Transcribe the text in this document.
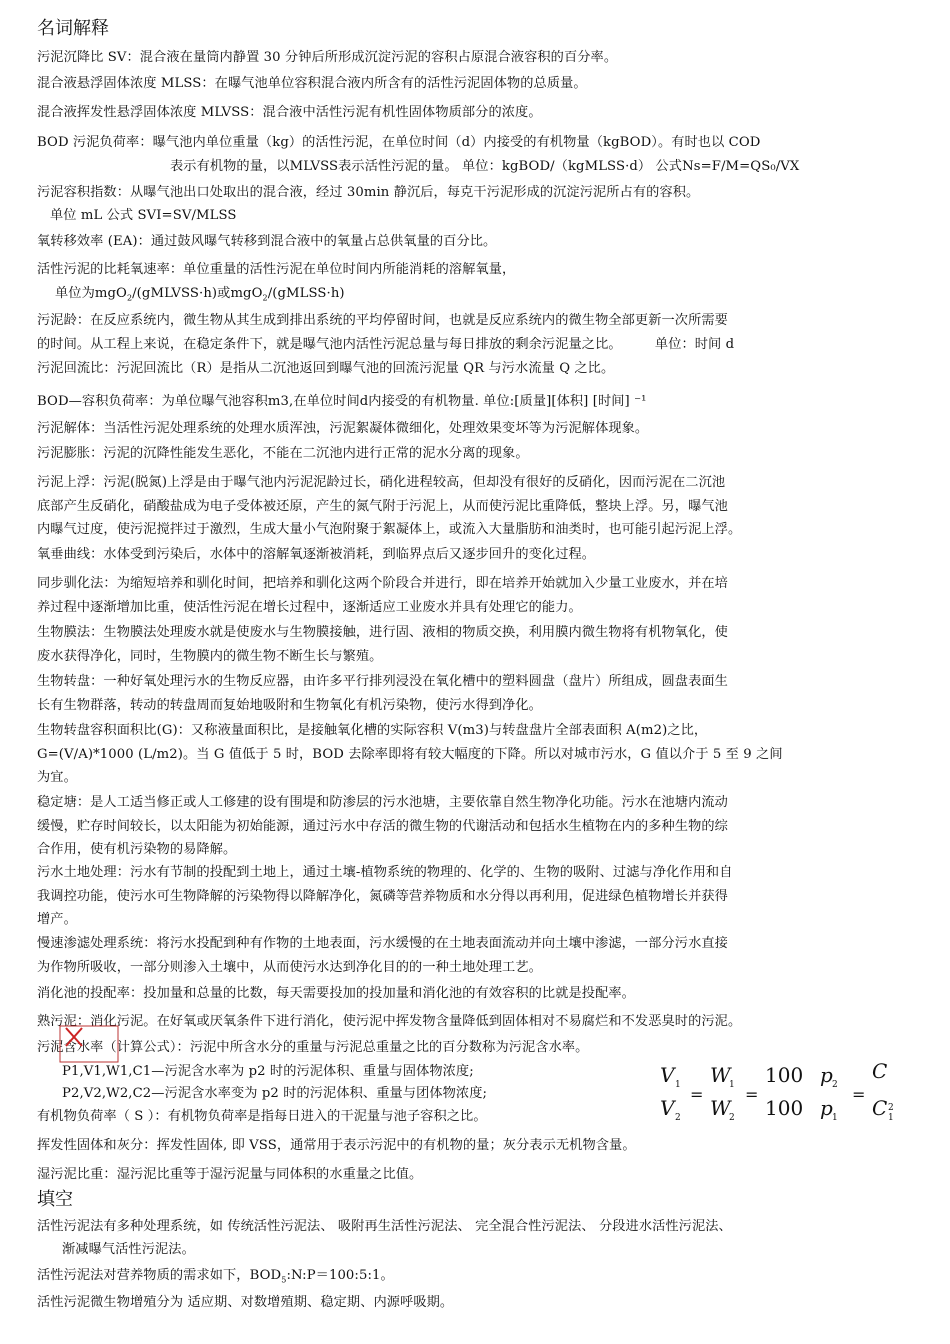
名词解释
污泥沉降比 SV：混合液在量筒内静置 30 分钟后所形成沉淀污泥的容积占原混合液容积的百分率。
混合液悬浮固体浓度 MLSS：在曝气池单位容积混合液内所含有的活性污泥固体物的总质量。
混合液挥发性悬浮固体浓度 MLVSS：混合液中活性污泥有机性固体物质部分的浓度。
BOD 污泥负荷率：曝气池内单位重量（kg）的活性污泥，在单位时间（d）内接受的有机物量（kgBOD）。有时也以 COD
表示有机物的量，以MLVSS表示活性污泥的量。 单位：kgBOD/（kgMLSS·d） 公式Ns=F/M=QS₀/VX
污泥容积指数：从曝气池出口处取出的混合液，经过 30min 静沉后，每克干污泥形成的沉淀污泥所占有的容积。
单位 mL 公式 SVI=SV/MLSS
氧转移效率 (EA)：通过鼓风曝气转移到混合液中的氧量占总供氧量的百分比。
活性污泥的比耗氧速率：单位重量的活性污泥在单位时间内所能消耗的溶解氧量，
单位为mgO$_2$/(gMLVSS·h)或mgO$_2$/(gMLSS·h)
污泥龄：在反应系统内，微生物从其生成到排出系统的平均停留时间，也就是反应系统内的微生物全部更新一次所需要
的时间。从工程上来说，在稳定条件下，就是曝气池内活性污泥总量与每日排放的剩余污泥量之比。　　　单位：时间 d
污泥回流比：污泥回流比（R）是指从二沉池返回到曝气池的回流污泥量 QR 与污水流量 Q 之比。
BOD—容积负荷率：为单位曝气池容积m3,在单位时间d内接受的有机物量. 单位:[质量][体积] [时间] ⁻¹
污泥解体：当活性污泥处理系统的处理水质浑浊，污泥絮凝体微细化，处理效果变坏等为污泥解体现象。
污泥膨胀：污泥的沉降性能发生恶化，不能在二沉池内进行正常的泥水分离的现象。
污泥上浮：污泥(脱氮)上浮是由于曝气池内污泥泥龄过长，硝化进程较高，但却没有很好的反硝化，因而污泥在二沉池
底部产生反硝化，硝酸盐成为电子受体被还原，产生的氮气附于污泥上，从而使污泥比重降低，整块上浮。另，曝气池
内曝气过度，使污泥搅拌过于激烈，生成大量小气泡附聚于絮凝体上，或流入大量脂肪和油类时，也可能引起污泥上浮。
氧垂曲线：水体受到污染后，水体中的溶解氧逐渐被消耗，到临界点后又逐步回升的变化过程。
同步驯化法：为缩短培养和驯化时间，把培养和驯化这两个阶段合并进行，即在培养开始就加入少量工业废水，并在培
养过程中逐渐增加比重，使活性污泥在增长过程中，逐渐适应工业废水并具有处理它的能力。
生物膜法：生物膜法处理废水就是使废水与生物膜接触，进行固、液相的物质交换，利用膜内微生物将有机物氧化，使
废水获得净化，同时，生物膜内的微生物不断生长与繁殖。
生物转盘：一种好氧处理污水的生物反应器，由许多平行排列浸没在氧化槽中的塑料圆盘（盘片）所组成，圆盘表面生
长有生物群落，转动的转盘周而复始地吸附和生物氧化有机污染物，使污水得到净化。
生物转盘容积面积比(G)：又称液量面积比，是接触氧化槽的实际容积 V(m3)与转盘盘片全部表面积 A(m2)之比，
G=(V/A)*1000 (L/m2)。当 G 值低于 5 时，BOD 去除率即将有较大幅度的下降。所以对城市污水，G 值以介于 5 至 9 之间
为宜。
稳定塘：是人工适当修正或人工修建的设有围堤和防渗层的污水池塘，主要依靠自然生物净化功能。污水在池塘内流动
缓慢，贮存时间较长，以太阳能为初始能源，通过污水中存活的微生物的代谢活动和包括水生植物在内的多种生物的综
合作用，使有机污染物的易降解。
污水土地处理：污水有节制的投配到土地上，通过土壤-植物系统的物理的、化学的、生物的吸附、过滤与净化作用和自
我调控功能，使污水可生物降解的污染物得以降解净化，氮磷等营养物质和水分得以再利用，促进绿色植物增长并获得
增产。
慢速渗滤处理系统：将污水投配到种有作物的土地表面，污水缓慢的在土地表面流动并向土壤中渗滤，一部分污水直接
为作物所吸收，一部分则渗入土壤中，从而使污水达到净化目的的一种土地处理工艺。
消化池的投配率：投加量和总量的比数，每天需要投加的投加量和消化池的有效容积的比就是投配率。
熟污泥：消化污泥。在好氧或厌氧条件下进行消化，使污泥中挥发物含量降低到固体相对不易腐烂和不发恶臭时的污泥。
污泥含水率（计算公式）：污泥中所含水分的重量与污泥总重量之比的百分数称为污泥含水率。
P1,V1,W1,C1—污泥含水率为 p2 时的污泥体积、重量与固体物浓度;
P2,V2,W2,C2—污泥含水率变为 p2 时的污泥体积、重量与团体物浓度;
有机物负荷率（ S ）：有机物负荷率是指每日进入的干泥量与池子容积之比。
挥发性固体和灰分：挥发性固体, 即 VSS，通常用于表示污泥中的有机物的量；灰分表示无机物含量。
湿污泥比重：湿污泥比重等于湿污泥量与同体积的水重量之比值。
V 1
V 2
W
1
W
2
100
100
p 2
p 1
C
C 2
1
=	=	=
填空
活性污泥法有多种处理系统，如 传统活性污泥法、 吸附再生活性污泥法、 完全混合性污泥法、 分段进水活性污泥法、
渐减曝气活性污泥法。
活性污泥法对营养物质的需求如下，$BOD_5:N:P=100:5:1$。
活性污泥微生物增殖分为 适应期、对数增殖期、稳定期、内源呼吸期。
